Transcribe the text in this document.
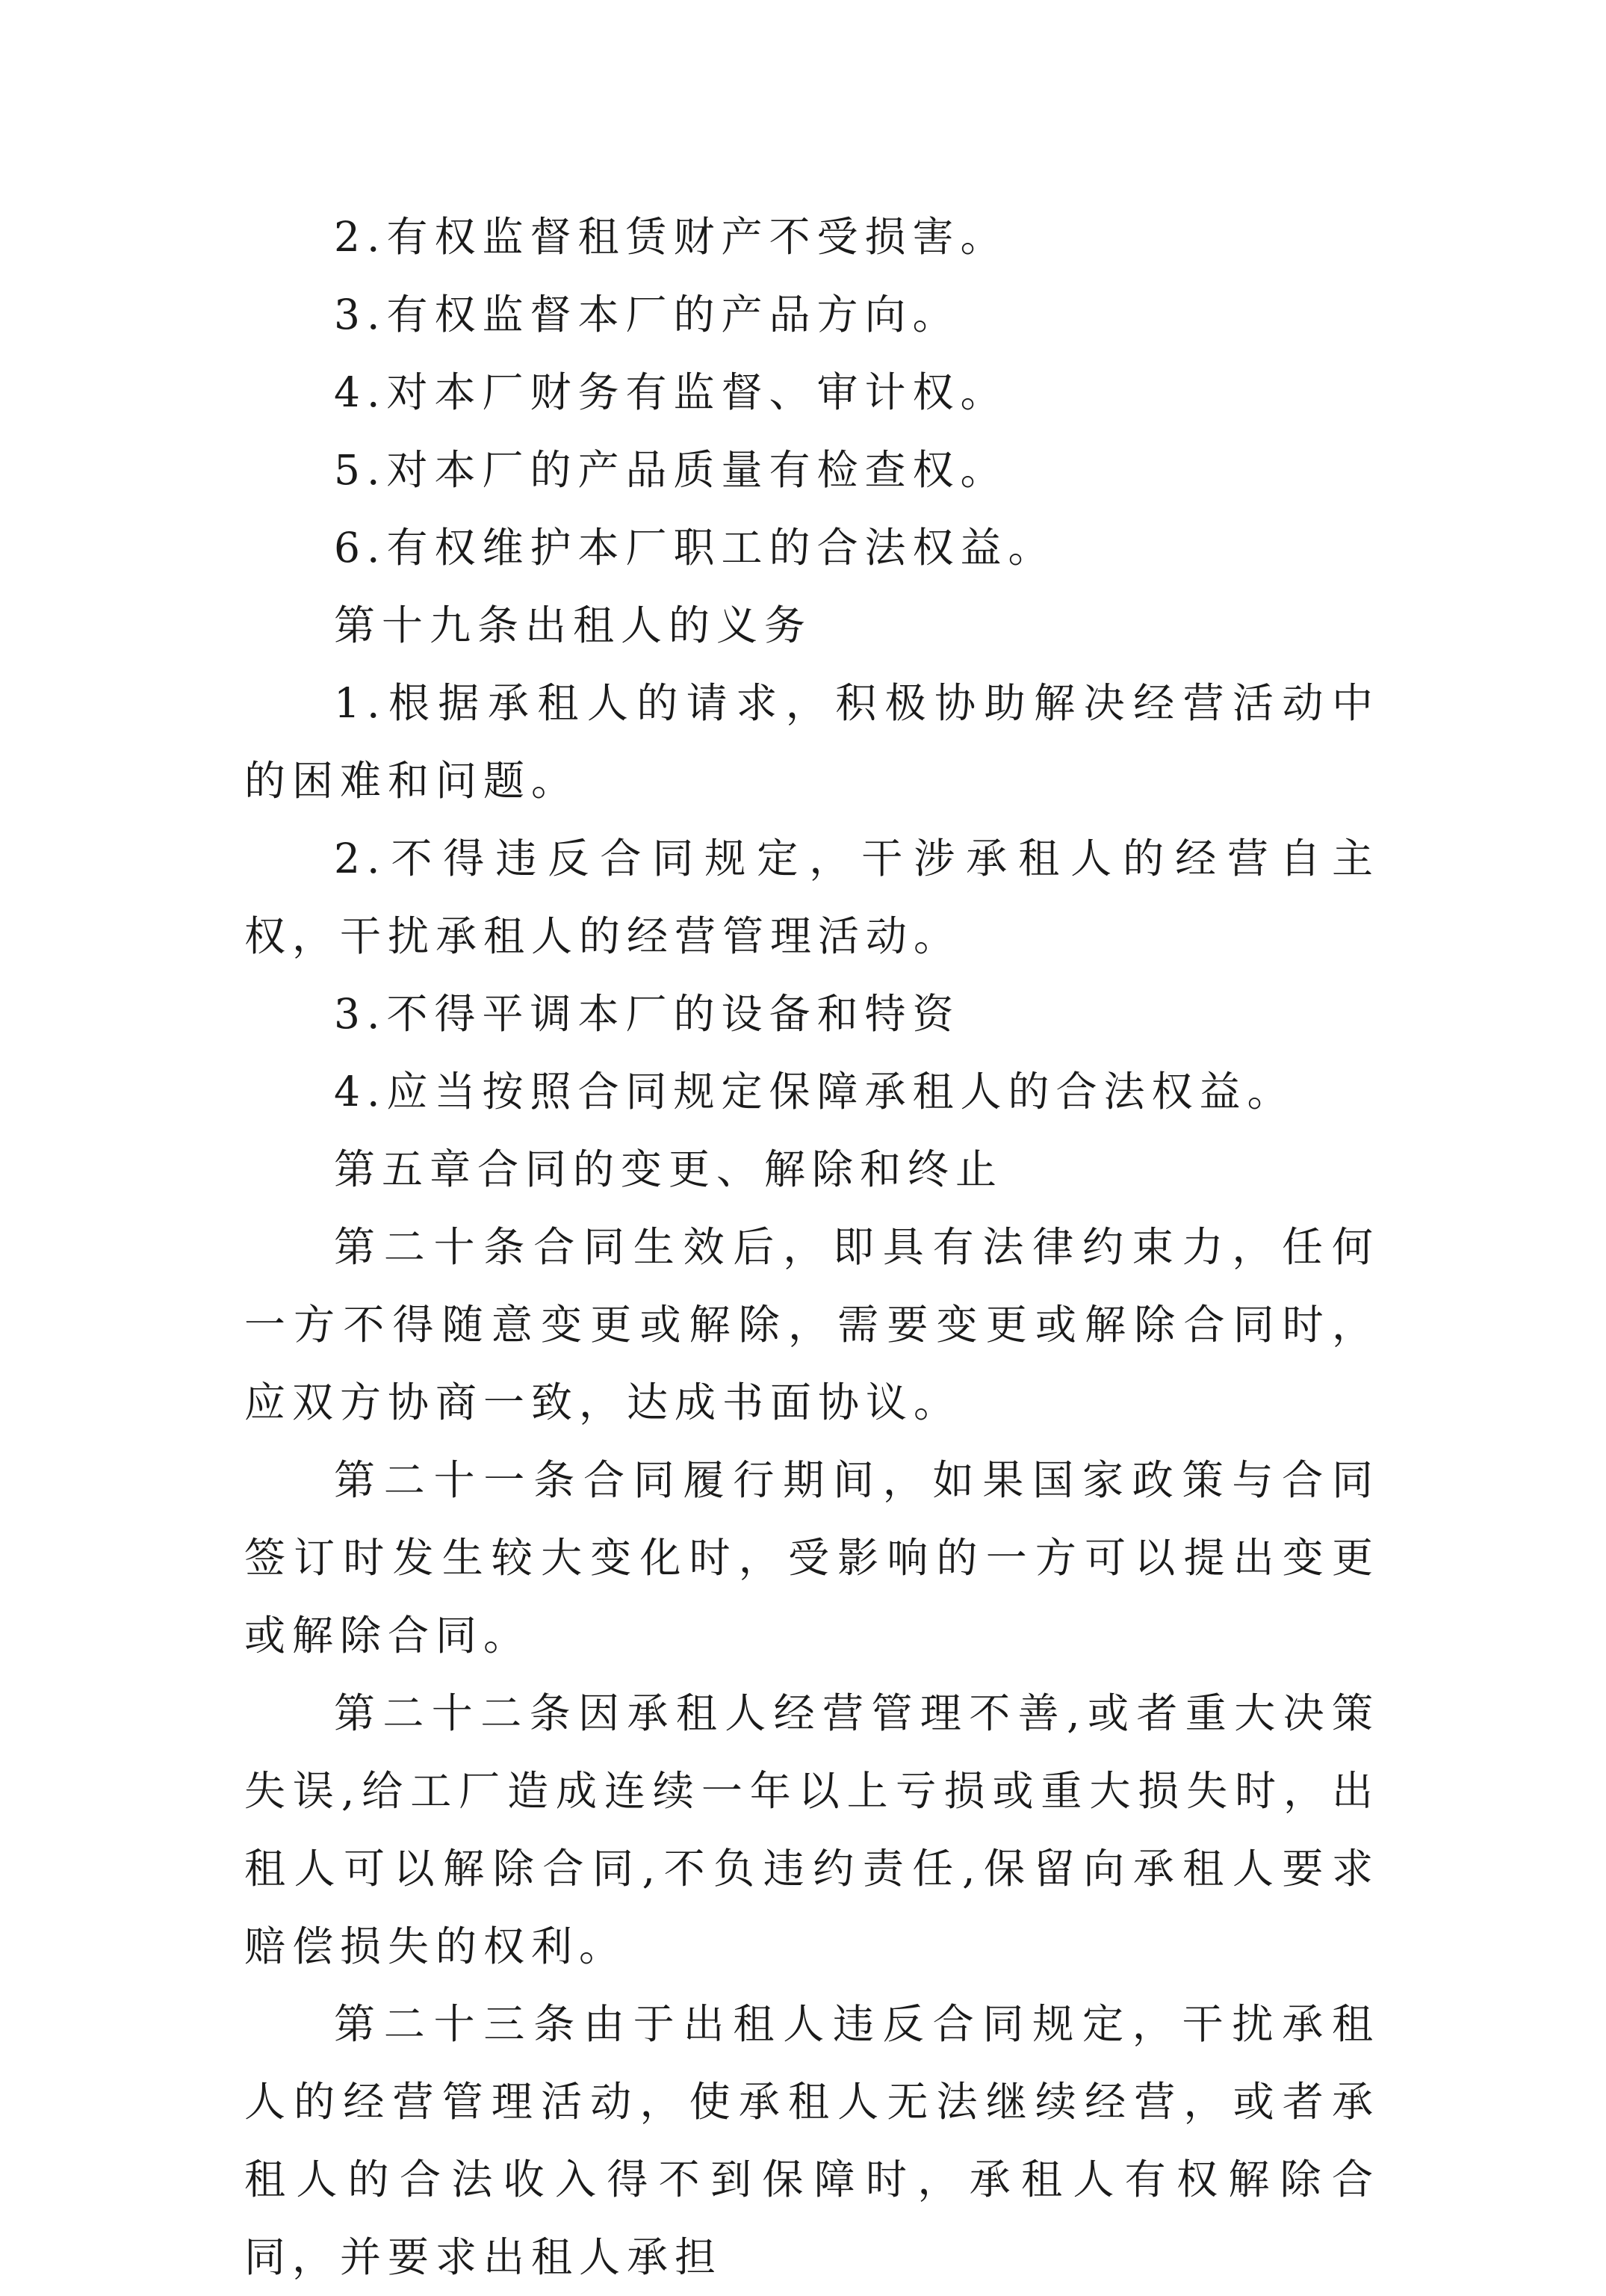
2.有权监督租赁财产不受损害。

3.有权监督本厂的产品方向。

4.对本厂财务有监督、审计权。

5.对本厂的产品质量有检查权。

6.有权维护本厂职工的合法权益。

第十九条出租人的义务

1.根据承租人的请求，积极协助解决经营活动中的困难和问题。

2.不得违反合同规定，干涉承租人的经营自主权，干扰承租人的经营管理活动。

3.不得平调本厂的设备和特资

4.应当按照合同规定保障承租人的合法权益。

第五章合同的变更、解除和终止

第二十条合同生效后，即具有法律约束力，任何一方不得随意变更或解除，需要变更或解除合同时，应双方协商一致，达成书面协议。

第二十一条合同履行期间，如果国家政策与合同签订时发生较大变化时，受影响的一方可以提出变更或解除合同。

第二十二条因承租人经营管理不善,或者重大决策失误,给工厂造成连续一年以上亏损或重大损失时，出租人可以解除合同,不负违约责任,保留向承租人要求赔偿损失的权利。

第二十三条由于出租人违反合同规定，干扰承租人的经营管理活动，使承租人无法继续经营，或者承租人的合法收入得不到保障时，承租人有权解除合同，并要求出租人承担
